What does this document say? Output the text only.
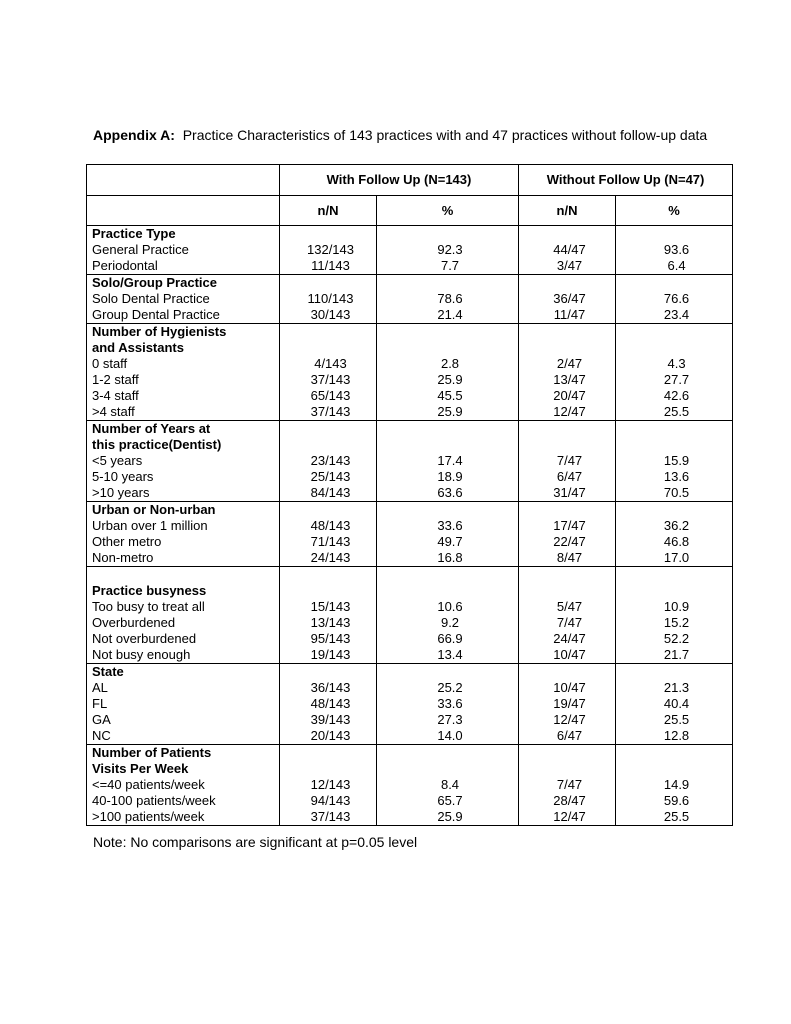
Appendix A: Practice Characteristics of 143 practices with and 47 practices without follow-up data
	With Follow Up (N=143)		Without Follow Up (N=47)	
	n/N	%	n/N	%
Practice Type				
General Practice	132/143	92.3	44/47	93.6
Periodontal	11/143	7.7	3/47	6.4
Solo/Group Practice				
Solo Dental Practice	110/143	78.6	36/47	76.6
Group Dental Practice	30/143	21.4	11/47	23.4
Number of Hygienists and Assistants				
0 staff	4/143	2.8	2/47	4.3
1-2 staff	37/143	25.9	13/47	27.7
3-4 staff	65/143	45.5	20/47	42.6
>4 staff	37/143	25.9	12/47	25.5
Number of Years at this practice(Dentist)				
<5 years	23/143	17.4	7/47	15.9
5-10 years	25/143	18.9	6/47	13.6
>10 years	84/143	63.6	31/47	70.5
Urban or Non-urban				
Urban over 1 million	48/143	33.6	17/47	36.2
Other metro	71/143	49.7	22/47	46.8
Non-metro	24/143	16.8	8/47	17.0
Practice busyness				
Too busy to treat all	15/143	10.6	5/47	10.9
Overburdened	13/143	9.2	7/47	15.2
Not overburdened	95/143	66.9	24/47	52.2
Not busy enough	19/143	13.4	10/47	21.7
State				
AL	36/143	25.2	10/47	21.3
FL	48/143	33.6	19/47	40.4
GA	39/143	27.3	12/47	25.5
NC	20/143	14.0	6/47	12.8
Number of Patients Visits Per Week				
<=40 patients/week	12/143	8.4	7/47	14.9
40-100 patients/week	94/143	65.7	28/47	59.6
>100 patients/week	37/143	25.9	12/47	25.5
Note: No comparisons are significant at p=0.05 level
